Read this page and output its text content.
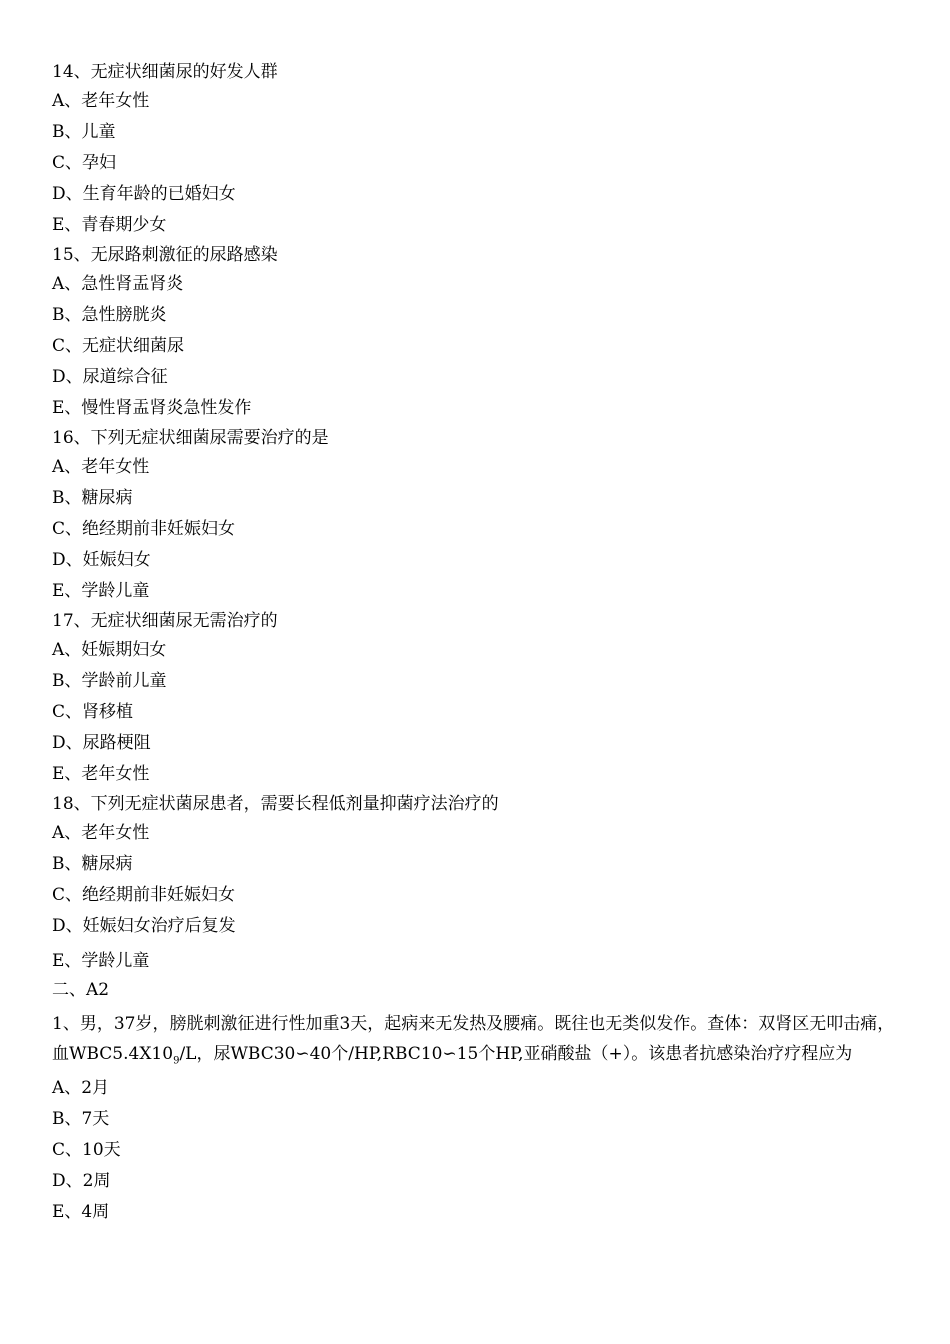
14、无症状细菌尿的好发人群
A、老年女性
B、儿童
C、孕妇
D、生育年龄的已婚妇女
E、青春期少女
15、无尿路刺激征的尿路感染
A、急性肾盂肾炎
B、急性膀胱炎
C、无症状细菌尿
D、尿道综合征
E、慢性肾盂肾炎急性发作
16、下列无症状细菌尿需要治疗的是
A、老年女性
B、糖尿病
C、绝经期前非妊娠妇女
D、妊娠妇女
E、学龄儿童
17、无症状细菌尿无需治疗的
A、妊娠期妇女
B、学龄前儿童
C、肾移植
D、尿路梗阻
E、老年女性
18、下列无症状菌尿患者，需要长程低剂量抑菌疗法治疗的
A、老年女性
B、糖尿病
C、绝经期前非妊娠妇女
D、妊娠妇女治疗后复发
E、学龄儿童
二、A2
1、男，37岁，膀胱刺激征进行性加重3天，起病来无发热及腰痛。既往也无类似发作。查体：双肾区无叩击痛，血$WBC5.4X10_9/L$，尿WBC30∽40个/HP,RBC10∽15个HP,亚硝酸盐（+）。该患者抗感染治疗疗程应为
A、2月
B、7天
C、10天
D、2周
E、4周
